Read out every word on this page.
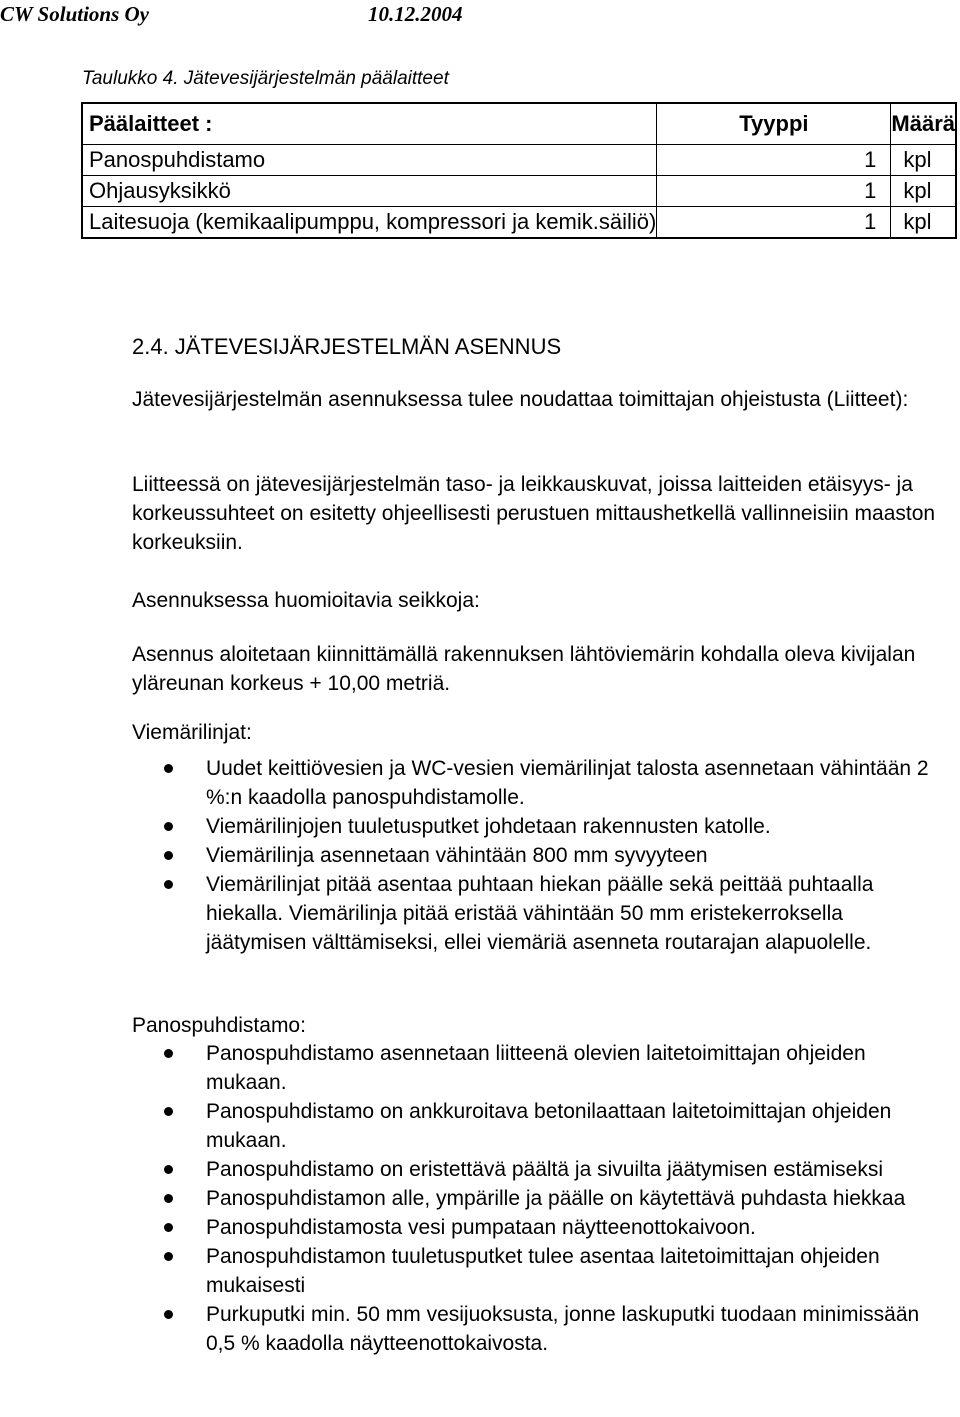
CW Solutions Oy	10.12.2004
Taulukko 4. Jätevesijärjestelmän päälaitteet
Päälaitteet :	Tyyppi	Määrä
Panospuhdistamo	1	kpl
Ohjausyksikkö	1	kpl
Laitesuoja (kemikaalipumppu, kompressori ja kemik.säiliö)	1	kpl
2.4. JÄTEVESIJÄRJESTELMÄN ASENNUS
Jätevesijärjestelmän asennuksessa tulee noudattaa toimittajan ohjeistusta (Liitteet):
Liitteessä on jätevesijärjestelmän taso- ja leikkauskuvat, joissa laitteiden etäisyys- ja korkeussuhteet on esitetty ohjeellisesti perustuen mittaushetkellä vallinneisiin maaston korkeuksiin.
Asennuksessa huomioitavia seikkoja:
Asennus aloitetaan kiinnittämällä rakennuksen lähtöviemärin kohdalla oleva kivijalan yläreunan korkeus + 10,00 metriä.
Viemärilinjat:
Uudet keittiövesien ja WC-vesien viemärilinjat talosta asennetaan vähintään 2 %:n kaadolla panospuhdistamolle.
Viemärilinjojen tuuletusputket johdetaan rakennusten katolle.
Viemärilinja asennetaan vähintään 800 mm syvyyteen
Viemärilinjat pitää asentaa puhtaan hiekan päälle sekä peittää puhtaalla hiekalla. Viemärilinja pitää eristää vähintään 50 mm eristekerroksella jäätymisen välttämiseksi, ellei viemäriä asenneta routarajan alapuolelle.
Panospuhdistamo:
Panospuhdistamo asennetaan liitteenä olevien laitetoimittajan ohjeiden mukaan.
Panospuhdistamo on ankkuroitava betonilaattaan laitetoimittajan ohjeiden mukaan.
Panospuhdistamo on eristettävä päältä ja sivuilta jäätymisen estämiseksi
Panospuhdistamon alle, ympärille ja päälle on käytettävä puhdasta hiekkaa
Panospuhdistamosta vesi pumpataan näytteenottokaivoon.
Panospuhdistamon tuuletusputket tulee asentaa laitetoimittajan ohjeiden mukaisesti
Purkuputki min. 50 mm vesijuoksusta, jonne laskuputki tuodaan minimissään 0,5 % kaadolla näytteenottokaivosta.
